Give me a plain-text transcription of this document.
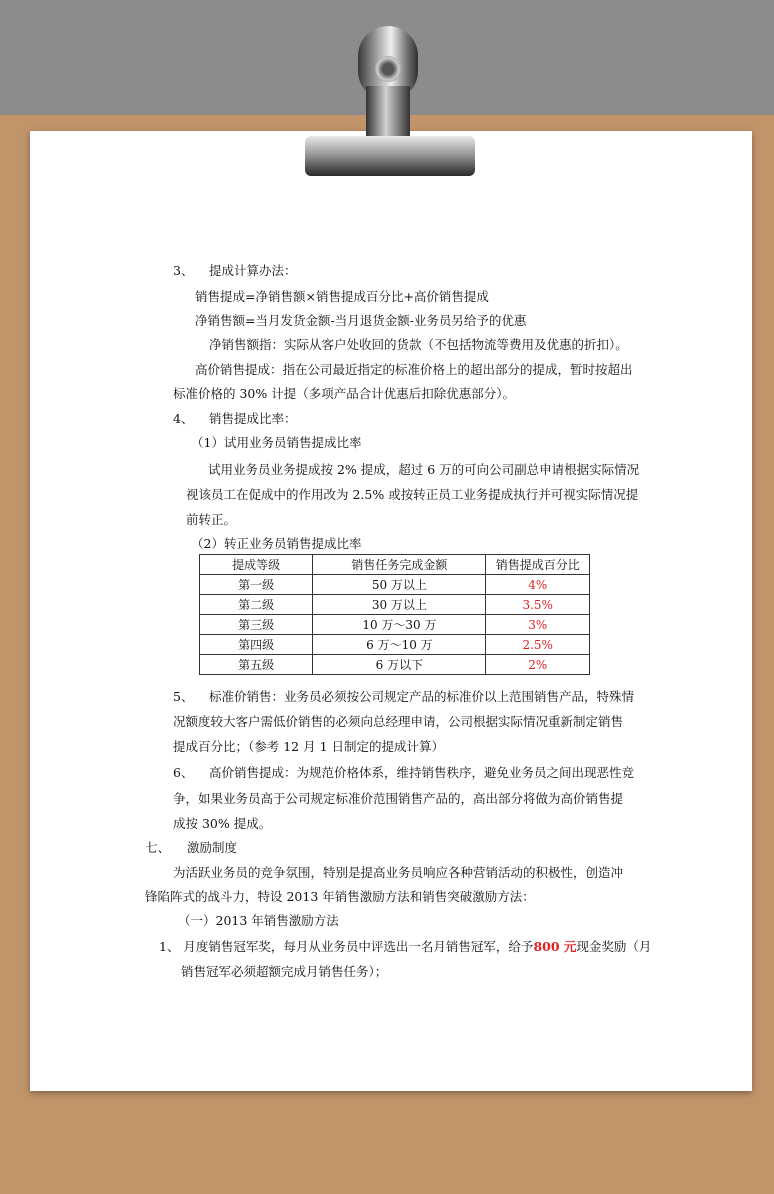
3、 提成计算办法：
销售提成=净销售额×销售提成百分比+高价销售提成
净销售额=当月发货金额-当月退货金额-业务员另给予的优惠
净销售额指：实际从客户处收回的货款（不包括物流等费用及优惠的折扣）。
高价销售提成：指在公司最近指定的标准价格上的超出部分的提成，暂时按超出
标准价格的 30% 计提（多项产品合计优惠后扣除优惠部分）。
4、 销售提成比率：
（1）试用业务员销售提成比率
试用业务员业务提成按 2% 提成，超过 6 万的可向公司副总申请根据实际情况
视该员工在促成中的作用改为 2.5% 或按转正员工业务提成执行并可视实际情况提
前转正。
（2）转正业务员销售提成比率
提成等级	销售任务完成金额	销售提成百分比
第一级	50 万以上	4%
第二级	30 万以上	3.5%
第三级	10 万～30 万	3%
第四级	6 万～10 万	2.5%
第五级	6 万以下	2%
5、 标准价销售：业务员必须按公司规定产品的标准价以上范围销售产品，特殊情
况额度较大客户需低价销售的必须向总经理申请，公司根据实际情况重新制定销售
提成百分比；（参考 12 月 1 日制定的提成计算）
6、 高价销售提成：为规范价格体系，维持销售秩序，避免业务员之间出现恶性竞
争，如果业务员高于公司规定标准价范围销售产品的，高出部分将做为高价销售提
成按 30% 提成。
七、 激励制度
为活跃业务员的竞争氛围，特别是提高业务员响应各种营销活动的积极性，创造冲
锋陷阵式的战斗力，特设 2013 年销售激励方法和销售突破激励方法：
（一）2013 年销售激励方法
1、 月度销售冠军奖，每月从业务员中评选出一名月销售冠军，给予800 元现金奖励（月
销售冠军必须超额完成月销售任务）；
